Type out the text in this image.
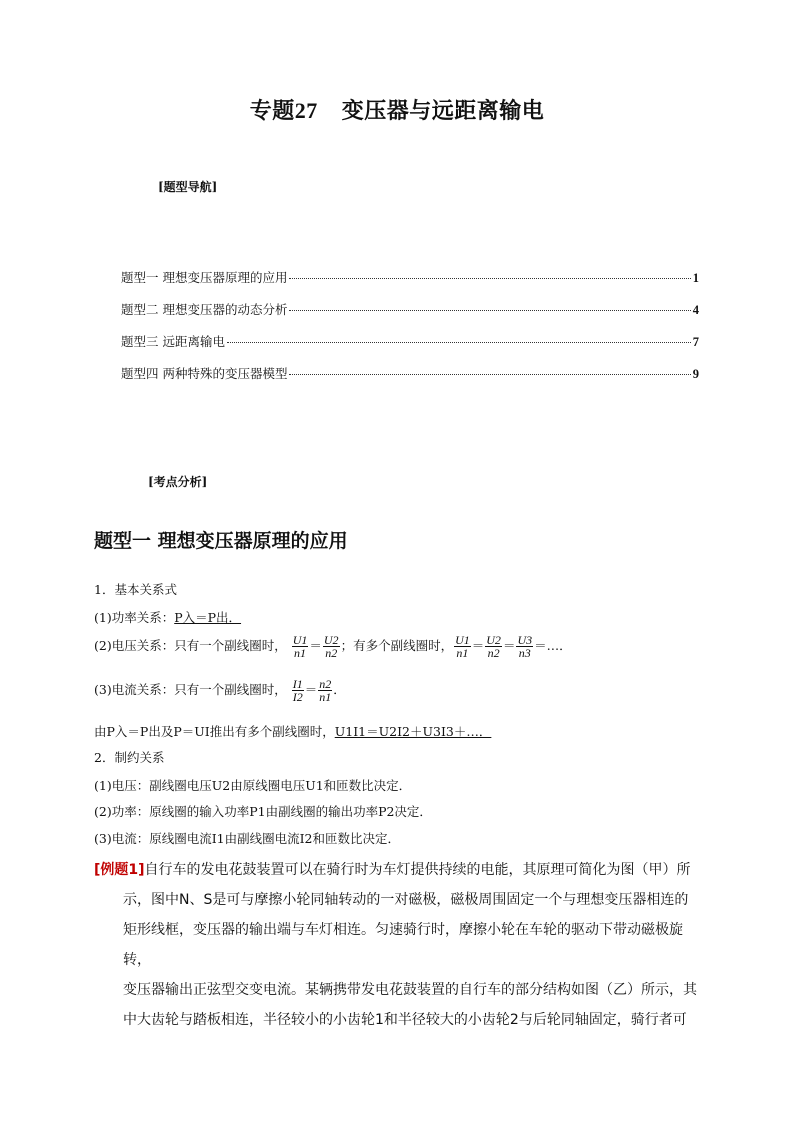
专题27 变压器与远距离输电
[题型导航]
题型一 理想变压器原理的应用	1
题型二 理想变压器的动态分析	4
题型三 远距离输电	7
题型四 两种特殊的变压器模型	9
[考点分析]
题型一 理想变压器原理的应用
1．基本关系式
(1)功率关系：P入＝P出．
(2)电压关系：只有一个副线圈时， $\frac{U1}{n1} = \frac{U2}{n2}$ ；有多个副线圈时， $\frac{U1}{n1} = \frac{U2}{n2} = \frac{U3}{n3}$ ＝…．
(3)电流关系：只有一个副线圈时， $\frac{I1}{I2} = \frac{n2}{n1}$ ．
由P入＝P出及P＝UI推出有多个副线圈时，U1I1＝U2I2＋U3I3＋…．
2．制约关系
(1)电压：副线圈电压U2由原线圈电压U1和匝数比决定．
(2)功率：原线圈的输入功率P1由副线圈的输出功率P2决定．
(3)电流：原线圈电流I1由副线圈电流I2和匝数比决定．
[例题1]自行车的发电花鼓装置可以在骑行时为车灯提供持续的电能，其原理可简化为图（甲）所
示，图中N、S是可与摩擦小轮同轴转动的一对磁极，磁极周围固定一个与理想变压器相连的
矩形线框，变压器的输出端与车灯相连。匀速骑行时，摩擦小轮在车轮的驱动下带动磁极旋转，
变压器输出正弦型交变电流。某辆携带发电花鼓装置的自行车的部分结构如图（乙）所示，其
中大齿轮与踏板相连，半径较小的小齿轮1和半径较大的小齿轮2与后轮同轴固定，骑行者可
